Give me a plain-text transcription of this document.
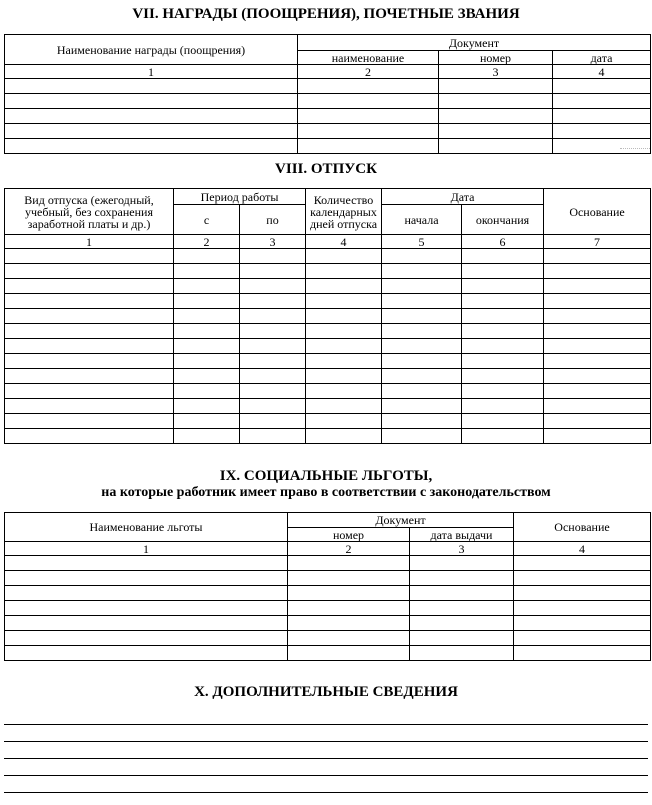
VII. НАГРАДЫ (ПООЩРЕНИЯ), ПОЧЕТНЫЕ ЗВАНИЯ
Наименование награды (поощрения)	Документ		
	наименование	номер	дата
1	2	3	4

VIII. ОТПУСК
Вид отпуска (ежегодный, учебный, без сохранения заработной платы и др.)	Период работы		Количество календарных дней отпуска	Дата		Основание
	с	по		начала	окончания	
1	2	3	4	5	6	7

IX. СОЦИАЛЬНЫЕ ЛЬГОТЫ,
на которые работник имеет право в соответствии с законодательством
Наименование льготы	Документ		Основание
	номер	дата выдачи	
1	2	3	4

X. ДОПОЛНИТЕЛЬНЫЕ СВЕДЕНИЯ
